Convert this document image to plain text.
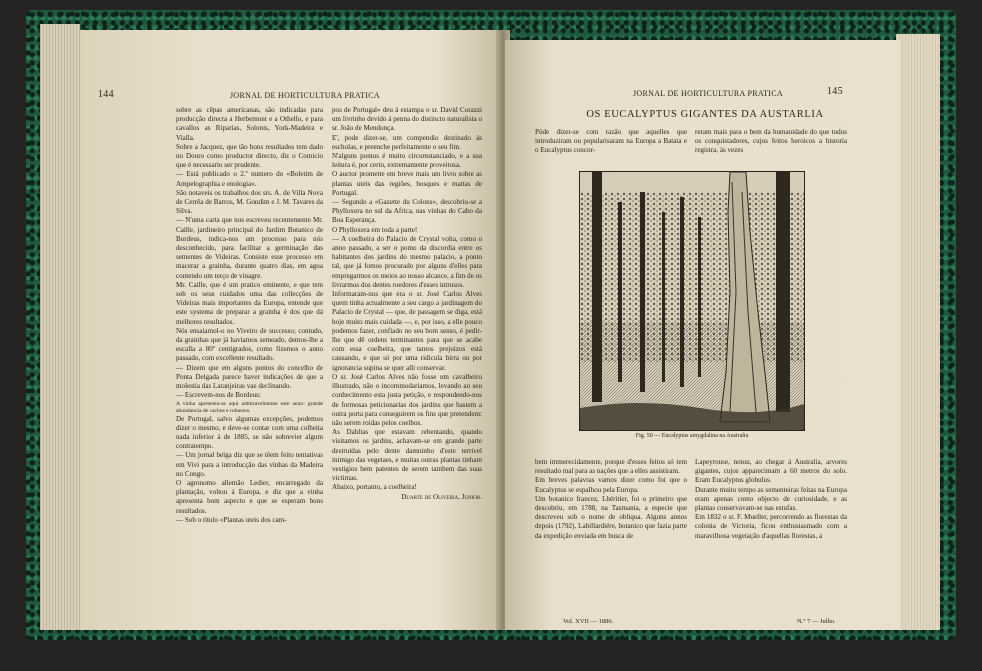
144	JORNAL DE HORTICULTURA PRATICA

sobre as cêpas americanas, são indicadas para producção directa a Herbemont e a Othello, e para cavallos as Riparias, Solonis, York-Madeira e Vialla.

Sobre a Jacquez, que tão bons resultados tem dado no Douro como productor directo, diz o Comicio que é necessario ser prudente.

— Está publicado o 2.º numero do «Boletim de Ampelographia e enologia».

São notaveis os trabalhos dos srs. A. de Villa Nova de Cerrêa de Barros, M. Gondim e J. M. Tavares da Silva.

— N'uma carta que nos escreveu recentemente Mr. Caille, jardineiro principal do Jardim Botanico de Bordeus, indica-nos um processo para nós desconhecido, para facilitar a germinação das sementes de Videiras. Consiste esse processo em macerar a grainha, durante quatro dias, em agua contendo um terço de vinagre.

Mr. Caille, que é um pratico eminente, e que tem sob os seus cuidados uma das collecções de Videiras mais importantes da Europa, entende que este systema de preparar a grainha é dos que dá melhores resultados.

Nós ensaiamol-o no Viveiro de successo; contudo, da grainhas que já haviamos semeado, demos-lhe a escalla a 80º centigrados, como fizemos o anno passado, com excellente resultado.

— Dizem que em alguns pontos do concelho de Ponta Delgada parece haver indicações de que a molestia das Laranjeiras vae declinando.

— Escrevem-nos de Bordeus:

A vinha apresenta-se aqui admiravelmente este anno: grande abundancia de cachos e robustos.

De Portugal, salvo algumas excepções, podemos dizer o mesmo, e deve-se contar com uma colheita nada inferior á de 1885, se não sobrevier algum contratempo.

— Um jornal belga diz que se têem feito tentativas em Vivi para a introducção das vinhas da Madeira no Congo.

O agronomo allemão Ledier, encarregado da plantação, voltou á Europa, e diz que a vinha apresenta bom aspecto e que se esperam bons resultados.

— Sob o titulo «Plantas uteis dos cam-

pos de Portugal» deu á estampa o sr. David Corazzi um livrinho devido á penna do distincto naturalista o sr. João de Mendonça.

E', pode dizer-se, um compendio destinado ás escholas, e preenche perfeitamente o seu fim.

N'alguns pontos é muito circumstanciado, e a sua leitura é, por certo, extremamente proveitosa.

O auctor promette em breve mais um livro sobre as plantas uteis das regiões, bosques e mattas de Portugal.

— Segundo a «Gazette du Colons», descobriu-se a Phylloxera no sul da Africa, nas vinhas do Cabo da Boa Esperança.

O Phylloxera em toda a parte!

— A coelheira do Palacio de Crystal volta, como o anno passado, a ser o pomo da discordia entre os habitantes dos jardins do mesmo palacio, a ponto tal, que já fomos procurado por alguns d'elles para empregarmos os meios ao nosso alcance, a fim de os livrarmos dos dentes roedores d'esses intrusos.

Informaram-nos que era o sr. José Carlos Alves quem tinha actualmente a seu cargo a jardinagem do Palacio de Crystal — que, de passagem se diga, está hoje muito mais cuidada —, e, por isso, a elle pouco podemos fazer, confiado no seu bom senso, é pedir-lhe que dê ordens terminantes para que se acabe com essa coelheira, que tantos prejuizos está causando, e que só por uma ridicula birra ou por ignorancia supina se quer alli conservar.

O sr. José Carlos Alves não fosse um cavalheiro illustrado, não o incommodariamos, levando ao seu conhecimento esta justa petição, e respondendo-nos de formosas peticionarias dos jardins que bastem a outra porta para conseguirem os fins que pretendem: não serem roídas pelos coelhos.

As Dahlias que estavam rebentando, quando visitamos os jardins, achavam-se em grande parte destruidas pelo dente damninho d'este terrivel inimigo das vegetaes, e muitas outras plantas tinham vestigios bem patentes de serem tambem das suas victimas.

Abaixo, portanto, a coelheira!

Duarte de Oliveira, Junior.

JORNAL DE HORTICULTURA PRATICA	145
OS EUCALYPTUS GIGANTES DA AUSTARLIA

Póde dizer-se com razão que aquelles que introduziram ou popularisaram na Europa a Batata e o Eucalyptus concor-

reram mais para o bem da humanidade do que todos os conquistadores, cujos feitos heroicos a historia registra, ás vezes

Fig. 50 — Eucalyptus amygdalina na Australia

bem immerecidamente, porque d'esses feitos só tem resultado mal para as nações que a elles assistiram.

Em breves palavras vamos dizer como foi que o Eucalyptus se espalhou pela Europa.

Um botanico francez, Lhéritier, foi o primeiro que descobriu, em 1788, na Tasmania, a especie que descreveu sob o nome de obliqua. Alguns annos depois (1792), Labillardiére, botanico que fazia parte da expedição enviada em busca de

Lapeyrouse, notou, ao chegar á Australia, arvores gigantes, cujos apparecimam a 60 metros do solo. Eram Eucalyptus globulus.

Durante muito tempo as sementeiras feitas na Europa eram apenas como objecto de curiosidade, e as plantas conservavam-se nas estufas.

Em 1832 o sr. F. Mueller, percorrendo as florestas da colonia de Victoria, ficou enthusiasmado com a maravilhosa vegetação d'aquellas florestas, a

Vol. XVII — 1886.	N.º 7 — Julho.
